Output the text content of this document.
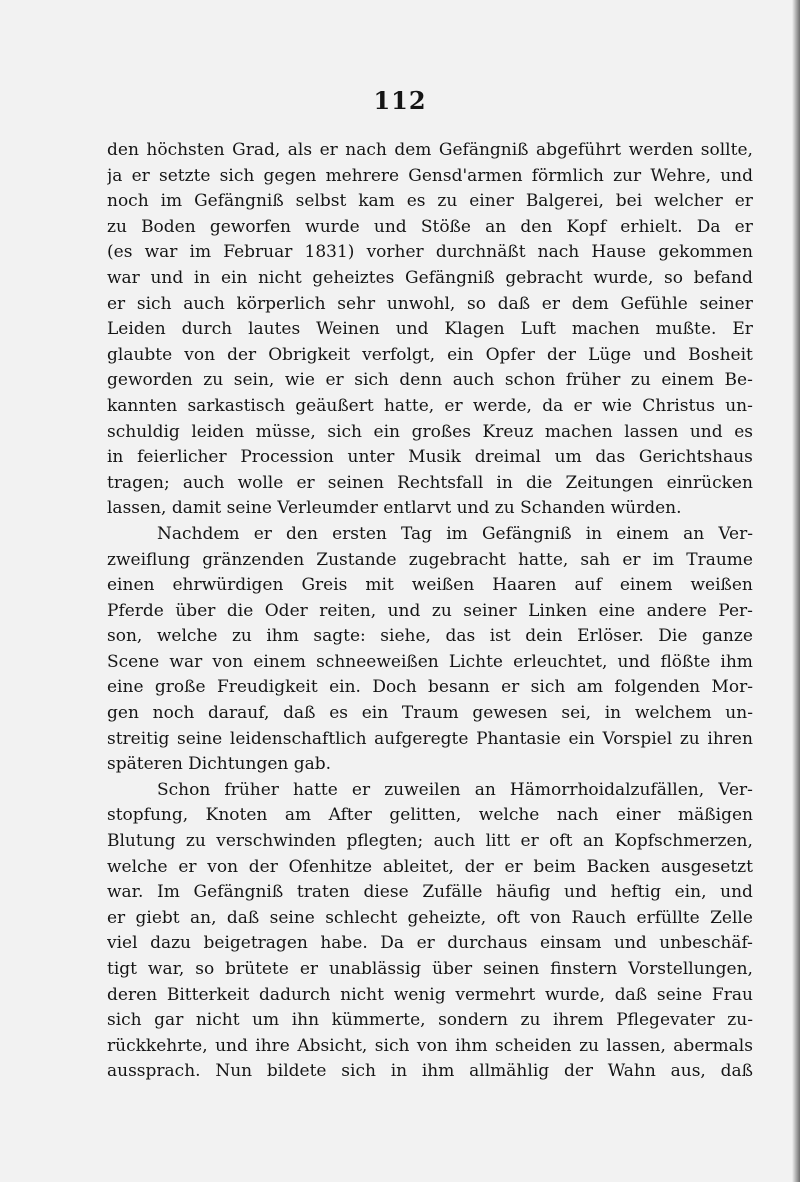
112
den höchsten Grad, als er nach dem Gefängniß abgeführt werden sollte,
ja er setzte sich gegen mehrere Gensd'armen förmlich zur Wehre, und
noch im Gefängniß selbst kam es zu einer Balgerei, bei welcher er
zu Boden geworfen wurde und Stöße an den Kopf erhielt. Da er
(es war im Februar 1831) vorher durchnäßt nach Hause gekommen
war und in ein nicht geheiztes Gefängniß gebracht wurde, so befand
er sich auch körperlich sehr unwohl, so daß er dem Gefühle seiner
Leiden durch lautes Weinen und Klagen Luft machen mußte. Er
glaubte von der Obrigkeit verfolgt, ein Opfer der Lüge und Bosheit
geworden zu sein, wie er sich denn auch schon früher zu einem Be-
kannten sarkastisch geäußert hatte, er werde, da er wie Christus un-
schuldig leiden müsse, sich ein großes Kreuz machen lassen und es
in feierlicher Procession unter Musik dreimal um das Gerichtshaus
tragen; auch wolle er seinen Rechtsfall in die Zeitungen einrücken
lassen, damit seine Verleumder entlarvt und zu Schanden würden.
Nachdem er den ersten Tag im Gefängniß in einem an Ver-
zweiflung gränzenden Zustande zugebracht hatte, sah er im Traume
einen ehrwürdigen Greis mit weißen Haaren auf einem weißen
Pferde über die Oder reiten, und zu seiner Linken eine andere Per-
son, welche zu ihm sagte: siehe, das ist dein Erlöser. Die ganze
Scene war von einem schneeweißen Lichte erleuchtet, und flößte ihm
eine große Freudigkeit ein. Doch besann er sich am folgenden Mor-
gen noch darauf, daß es ein Traum gewesen sei, in welchem un-
streitig seine leidenschaftlich aufgeregte Phantasie ein Vorspiel zu ihren
späteren Dichtungen gab.
Schon früher hatte er zuweilen an Hämorrhoidalzufällen, Ver-
stopfung, Knoten am After gelitten, welche nach einer mäßigen
Blutung zu verschwinden pflegten; auch litt er oft an Kopfschmerzen,
welche er von der Ofenhitze ableitet, der er beim Backen ausgesetzt
war. Im Gefängniß traten diese Zufälle häufig und heftig ein, und
er giebt an, daß seine schlecht geheizte, oft von Rauch erfüllte Zelle
viel dazu beigetragen habe. Da er durchaus einsam und unbeschäf-
tigt war, so brütete er unablässig über seinen finstern Vorstellungen,
deren Bitterkeit dadurch nicht wenig vermehrt wurde, daß seine Frau
sich gar nicht um ihn kümmerte, sondern zu ihrem Pflegevater zu-
rückkehrte, und ihre Absicht, sich von ihm scheiden zu lassen, abermals
aussprach. Nun bildete sich in ihm allmählig der Wahn aus, daß
